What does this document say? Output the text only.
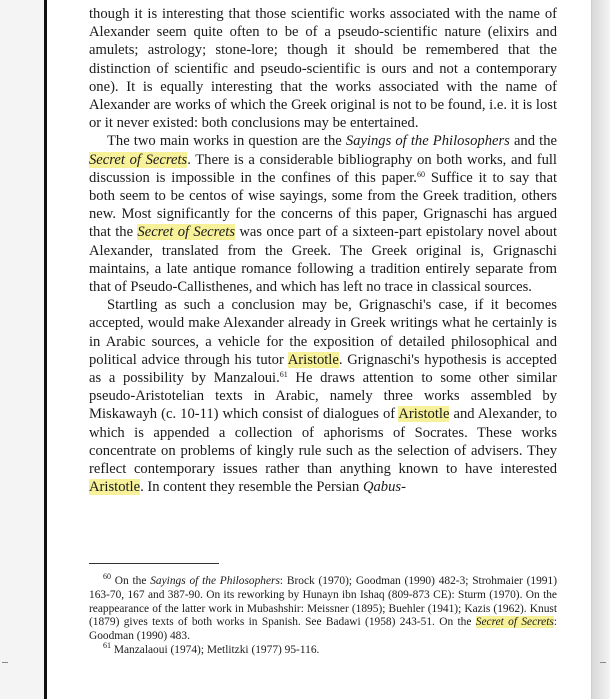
though it is interesting that those scientific works associated with the name of Alexander seem quite often to be of a pseudo-scientific nature (elixirs and amulets; astrology; stone-lore; though it should be remembered that the distinction of scientific and pseudo-scientific is ours and not a contemporary one). It is equally interesting that the works associated with the name of Alexander are works of which the Greek original is not to be found, i.e. it is lost or it never existed: both conclusions may be entertained.

The two main works in question are the Sayings of the Philosophers and the Secret of Secrets. There is a considerable bibliography on both works, and full discussion is impossible in the confines of this paper.$^{60}$ Suffice it to say that both seem to be centos of wise sayings, some from the Greek tradition, others new. Most significantly for the concerns of this paper, Grignaschi has argued that the Secret of Secrets was once part of a sixteen-part epistolary novel about Alexander, translated from the Greek. The Greek original is, Grignaschi maintains, a late antique romance following a tradition entirely separate from that of Pseudo-Callisthenes, and which has left no trace in classical sources.

Startling as such a conclusion may be, Grignaschi's case, if it becomes accepted, would make Alexander already in Greek writings what he certainly is in Arabic sources, a vehicle for the exposition of detailed philosophical and political advice through his tutor Aristotle. Grignaschi's hypothesis is accepted as a possibility by Manzaloui.$^{61}$ He draws attention to some other similar pseudo-Aristotelian texts in Arabic, namely three works assembled by Miskawayh (c. 10-11) which consist of dialogues of Aristotle and Alexander, to which is appended a collection of aphorisms of Socrates. These works concentrate on problems of kingly rule such as the selection of advisers. They reflect contemporary issues rather than anything known to have interested Aristotle. In content they resemble the Persian Qabus-

$^{60}$ On the Sayings of the Philosophers: Brock (1970); Goodman (1990) 482-3; Strohmaier (1991) 163-70, 167 and 387-90. On its reworking by Hunayn ibn Ishaq (809-873 CE): Sturm (1970). On the reappearance of the latter work in Mubashshir: Meissner (1895); Buehler (1941); Kazis (1962). Knust (1879) gives texts of both works in Spanish. See Badawi (1958) 243-51. On the Secret of Secrets: Goodman (1990) 483.

$^{61}$ Manzalaoui (1974); Metlitzki (1977) 95-116.
